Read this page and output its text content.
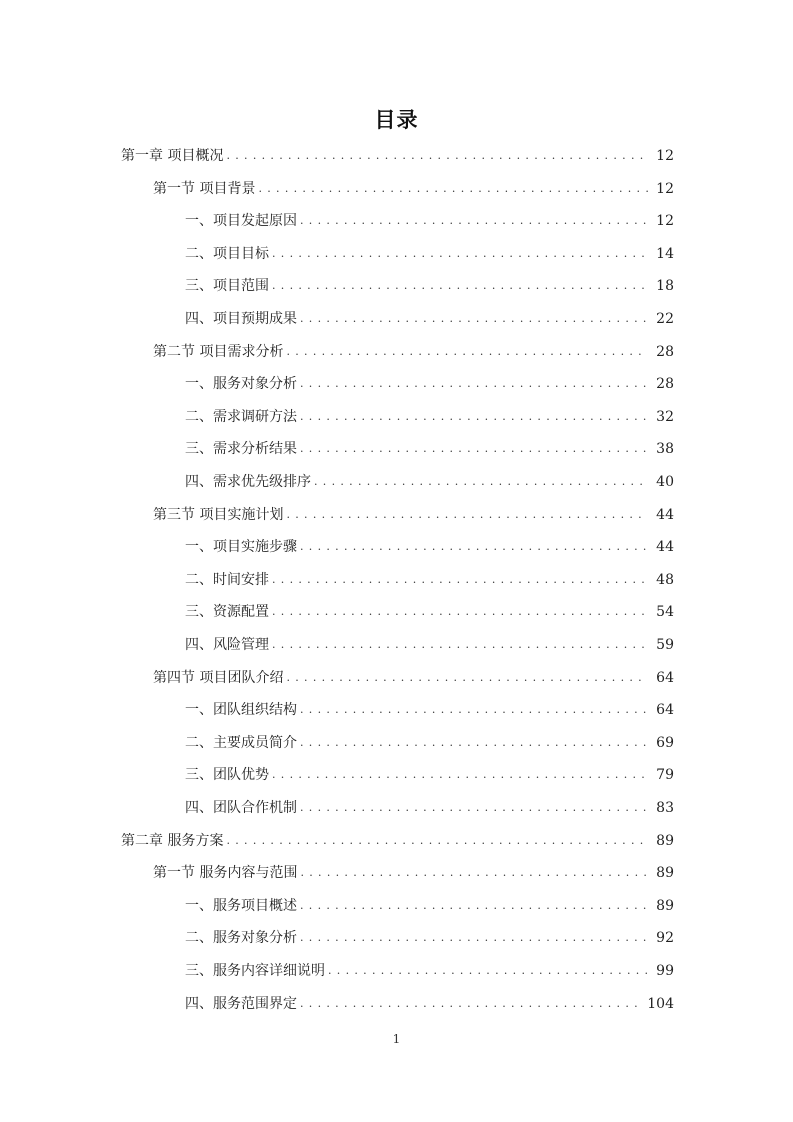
目录
第一章 项目概况 . . .	12
第一节 项目背景 . . .	12
一、项目发起原因 . . .	12
二、项目目标 . . .	14
三、项目范围 . . .	18
四、项目预期成果 . . .	22
第二节 项目需求分析 . . .	28
一、服务对象分析 . . .	28
二、需求调研方法 . . .	32
三、需求分析结果 . . .	38
四、需求优先级排序 . . .	40
第三节 项目实施计划 . . .	44
一、项目实施步骤 . . .	44
二、时间安排 . . .	48
三、资源配置 . . .	54
四、风险管理 . . .	59
第四节 项目团队介绍 . . .	64
一、团队组织结构 . . .	64
二、主要成员简介 . . .	69
三、团队优势 . . .	79
四、团队合作机制 . . .	83
第二章 服务方案 . . .	89
第一节 服务内容与范围 . . .	89
一、服务项目概述 . . .	89
二、服务对象分析 . . .	92
三、服务内容详细说明 . . .	99
四、服务范围界定 . . .	104
1
